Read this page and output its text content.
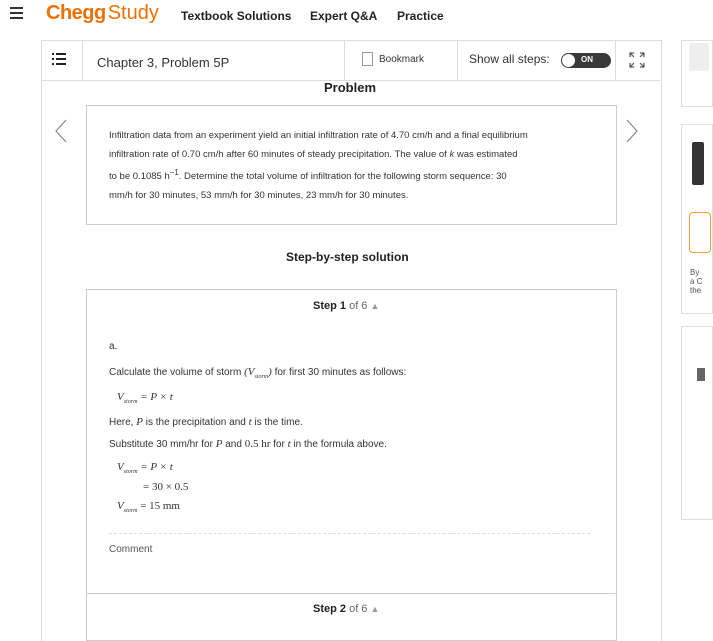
Chegg Study Textbook Solutions Expert Q&A Practice
Chapter 3, Problem 5P	Bookmark	Show all steps:	ON
Problem
Infiltration data from an experiment yield an initial infiltration rate of 4.70 cm/h and a final equilibrium
infiltration rate of 0.70 cm/h after 60 minutes of steady precipitation. The value of k was estimated
to be 0.1085 $h^{-1}$. Determine the total volume of infiltration for the following storm sequence: 30
mm/h for 30 minutes, 53 mm/h for 30 minutes, 23 mm/h for 30 minutes.
Step-by-step solution
Step 1 of 6 ▲
a.
Calculate the volume of storm $(V_{storm})$ for first 30 minutes as follows:
$V_{storm} = P \times t$
Here, P is the precipitation and t is the time.
Substitute 30 mm/hr for P and 0.5 hr for t in the formula above.
$V_{storm} = P \times t$
= 30 × 0.5
$V_{storm} = 15$ mm
Comment
Step 2 of 6 ▲
By
a C
the
